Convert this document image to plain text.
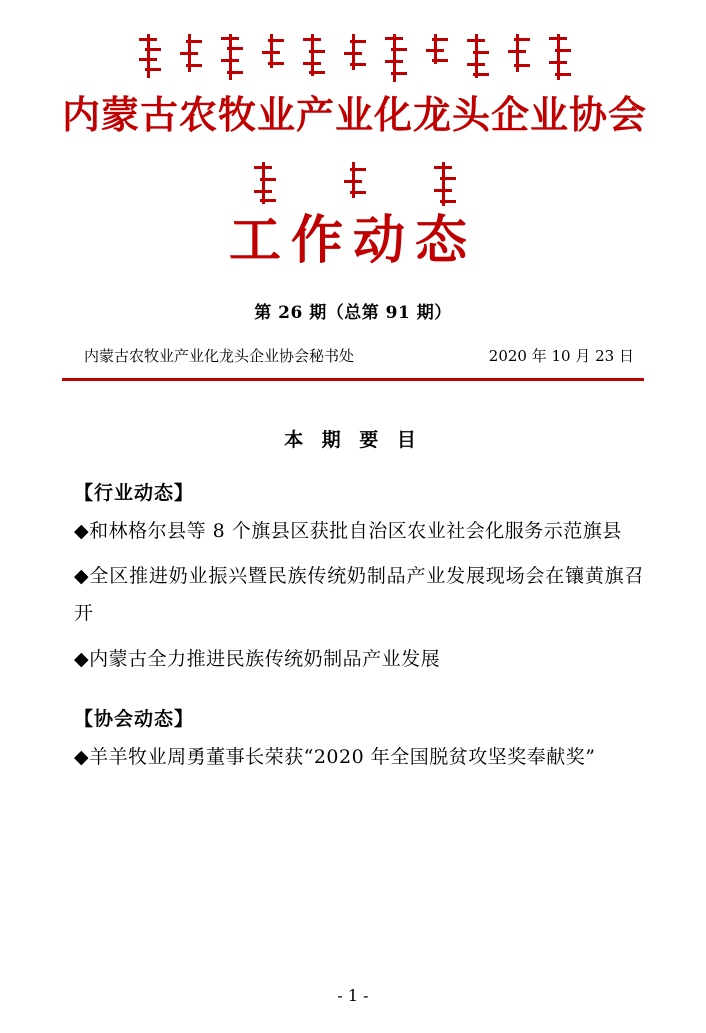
内蒙古农牧业产业化龙头企业协会
工作动态
第 26 期（总第 91 期）
内蒙古农牧业产业化龙头企业协会秘书处	2020 年 10 月 23 日
本 期 要 目
【行业动态】
◆和林格尔县等 8 个旗县区获批自治区农业社会化服务示范旗县
◆全区推进奶业振兴暨民族传统奶制品产业发展现场会在镶黄旗召开
◆内蒙古全力推进民族传统奶制品产业发展
【协会动态】
◆羊羊牧业周勇董事长荣获“2020 年全国脱贫攻坚奖奉献奖”
- 1 -
